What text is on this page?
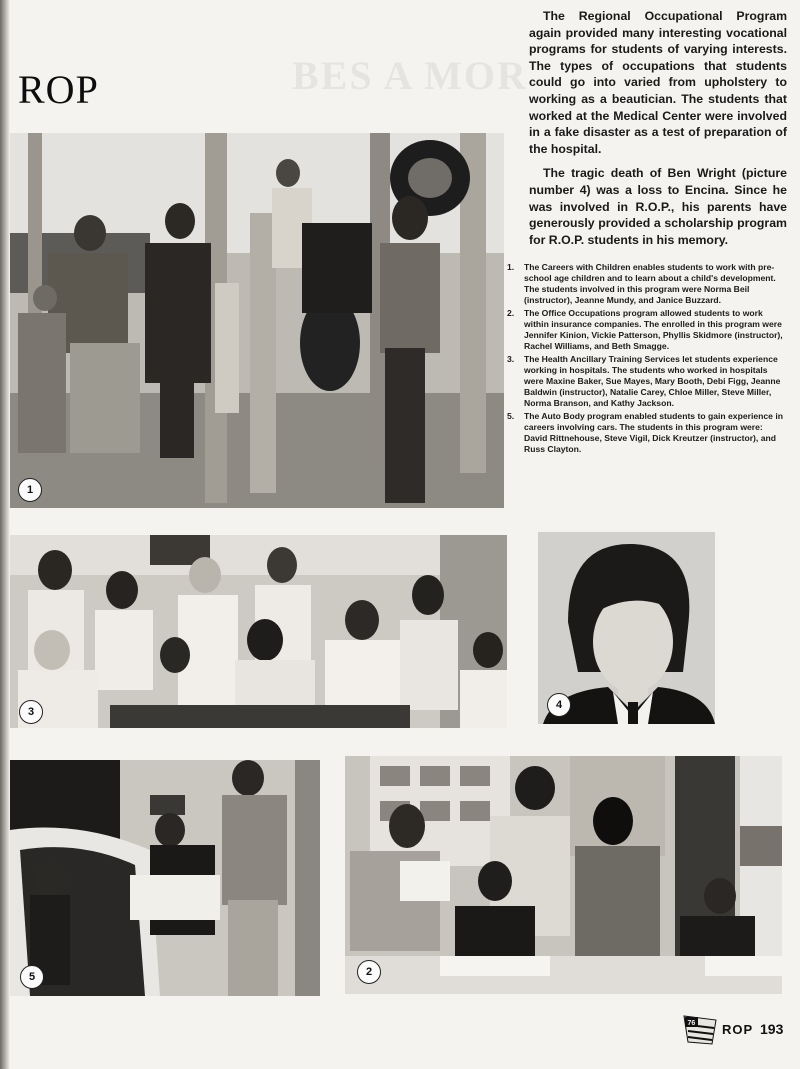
BES A MOR
ROP

The Regional Occupational Program again provided many interesting vocational programs for students of varying interests. The types of occupations that students could go into varied from upholstery to working as a beautician. The students that worked at the Medical Center were involved in a fake disaster as a test of preparation of the hospital.

The tragic death of Ben Wright (picture number 4) was a loss to Encina. Since he was involved in R.O.P., his parents have generously provided a scholarship program for R.O.P. students in his memory.

1.	The Careers with Children enables students to work with pre-school age children and to learn about a child's development. The students involved in this program were Norma Beil (instructor), Jeanne Mundy, and Janice Buzzard.
2.	The Office Occupations program allowed students to work within insurance companies. The enrolled in this program were Jennifer Kinion, Vickie Patterson, Phyllis Skidmore (instructor), Rachel Williams, and Beth Smagge.
3.	The Health Ancillary Training Services let students experience working in hospitals. The students who worked in hospitals were Maxine Baker, Sue Mayes, Mary Booth, Debi Figg, Jeanne Baldwin (instructor), Natalie Carey, Chloe Miller, Steve Miller, Norma Branson, and Kathy Jackson.
5.	The Auto Body program enabled students to gain experience in careers involving cars. The students in this program were: David Rittnehouse, Steve Vigil, Dick Kreutzer (instructor), and Russ Clayton.
1
3
4
5	2
76 ROP 193
